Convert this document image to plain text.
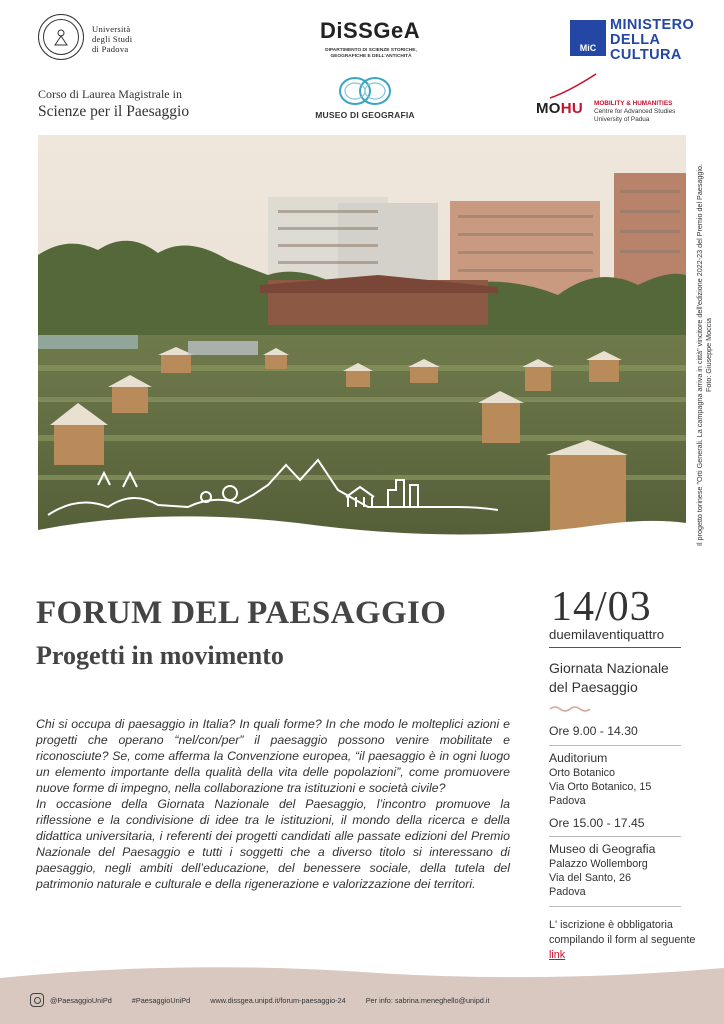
Università
degli Studi
di Padova
Corso di Laurea Magistrale in
Scienze per il Paesaggio
DiSSGeA
DIPARTIMENTO DI SCIENZE STORICHE,
GEOGRAFICHE E DELL'ANTICHITÀ
MUSEO DI GEOGRAFIA
MiC
MINISTERO
DELLA
CULTURA
MOHU MOBILITY & HUMANITIES
Centre for Advanced Studies
University of Padua
Il progetto torinese "Orti Generali. La campagna arriva in città" vincitore dell'edizione 2022-23 del Premio del Paesaggio. Foto: Giuseppe Moccia
FORUM DEL PAESAGGIO
Progetti in movimento

Chi si occupa di paesaggio in Italia? In quali forme? In che modo le molteplici azioni e progetti che operano “nel/con/per” il paesaggio possono venire mobilitate e riconosciute? Se, come afferma la Convenzione europea, “il paesaggio è in ogni luogo un elemento importante della qualità della vita delle popolazioni”, come promuovere nuove forme di impegno, nella collaborazione tra istituzioni e società civile?

In occasione della Giornata Nazionale del Paesaggio, l’incontro promuove la riflessione e la condivisione di idee tra le istituzioni, il mondo della ricerca e della didattica universitaria, i referenti dei progetti candidati alle passate edizioni del Premio Nazionale del Paesaggio e tutti i soggetti che a diverso titolo si interessano di paesaggio, negli ambiti dell’educazione, del benessere sociale, della tutela del patrimonio naturale e culturale e della rigenerazione e valorizzazione dei territori.

14/03
duemilaventiquattro
Giornata Nazionale
del Paesaggio
Ore 9.00 - 14.30
Auditorium
Orto Botanico
Via Orto Botanico, 15
Padova
Ore 15.00 - 17.45
Museo di Geografia
Palazzo Wollemborg
Via del Santo, 26
Padova
L' iscrizione è obbligatoria
compilando il form al seguente
link
@PaesaggioUniPd	#PaesaggioUniPd	www.dissgea.unipd.it/forum-paesaggio-24	Per info: sabrina.meneghello@unipd.it
